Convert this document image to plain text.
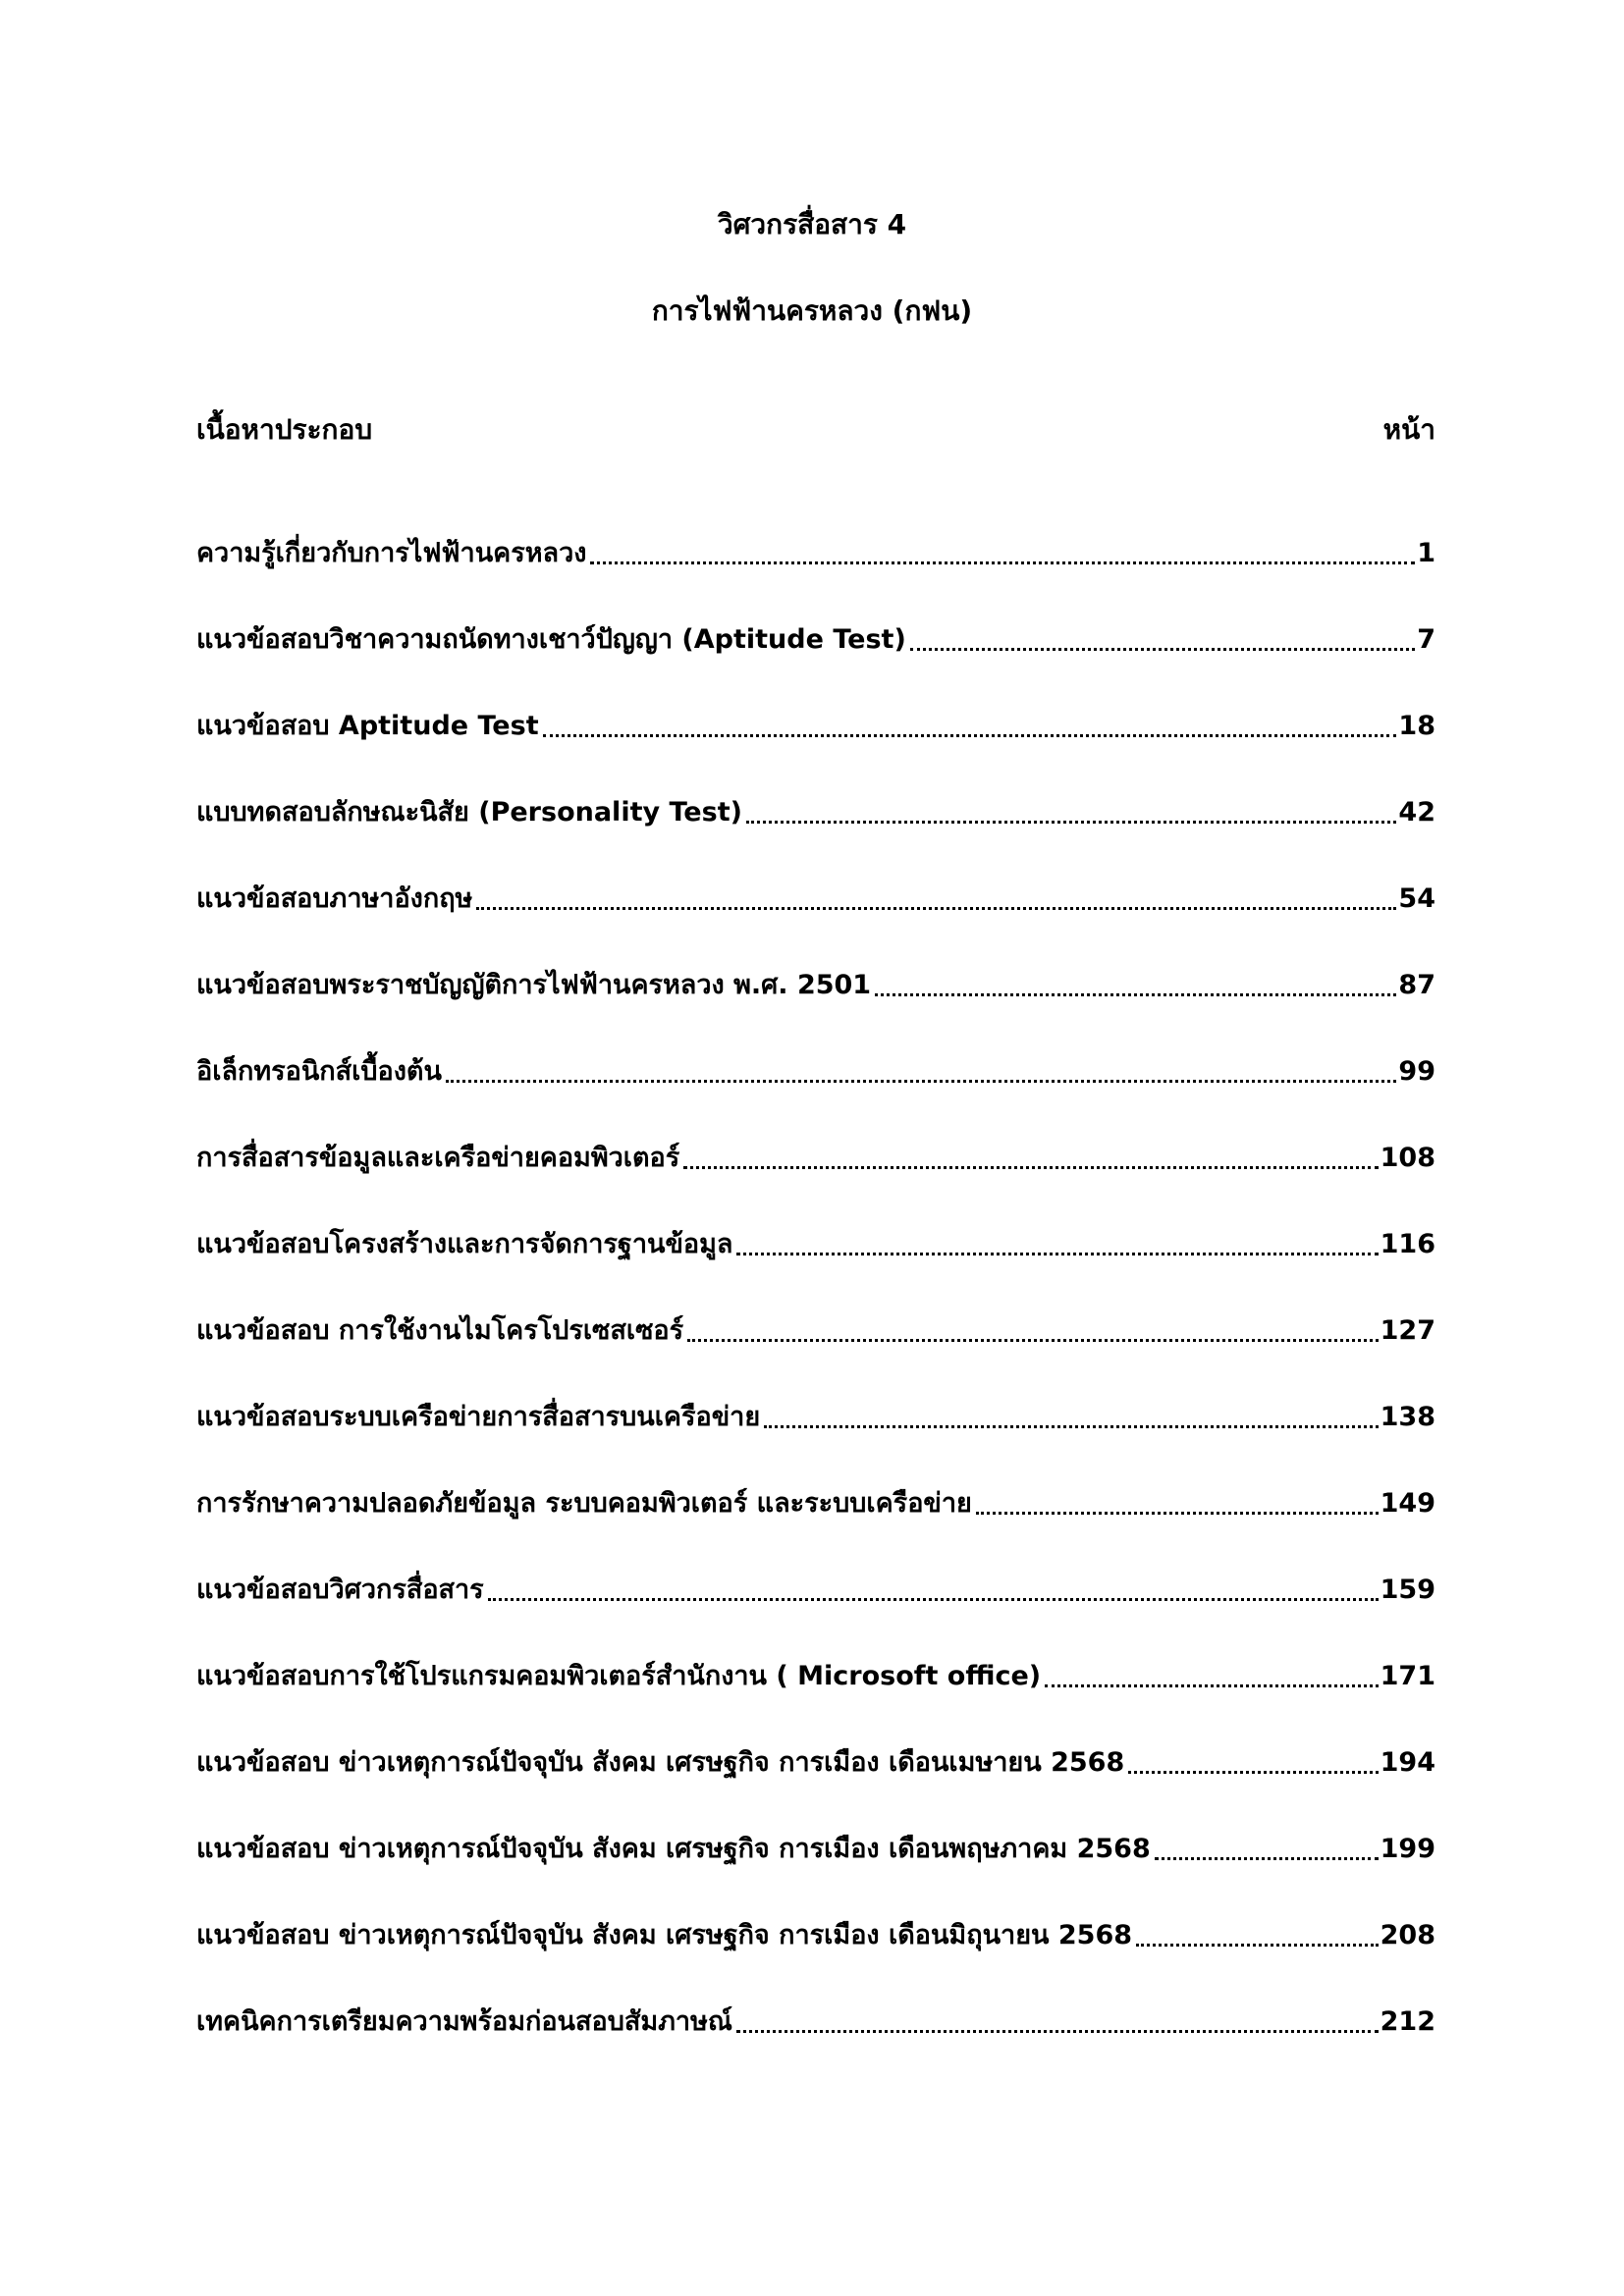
วิศวกรสื่อสาร 4
การไฟฟ้านครหลวง (กฟน)
เนื้อหาประกอบ	หน้า
ความรู้เกี่ยวกับการไฟฟ้านครหลวง	1
แนวข้อสอบวิชาความถนัดทางเชาว์ปัญญา (Aptitude Test)	7
แนวข้อสอบ Aptitude Test	18
แบบทดสอบลักษณะนิสัย (Personality Test)	42
แนวข้อสอบภาษาอังกฤษ	54
แนวข้อสอบพระราชบัญญัติการไฟฟ้านครหลวง พ.ศ. 2501	87
อิเล็กทรอนิกส์เบื้องต้น	99
การสื่อสารข้อมูลและเครือข่ายคอมพิวเตอร์	108
แนวข้อสอบโครงสร้างและการจัดการฐานข้อมูล	116
แนวข้อสอบ การใช้งานไมโครโปรเซสเซอร์	127
แนวข้อสอบระบบเครือข่ายการสื่อสารบนเครือข่าย	138
การรักษาความปลอดภัยข้อมูล ระบบคอมพิวเตอร์ และระบบเครือข่าย	149
แนวข้อสอบวิศวกรสื่อสาร	159
แนวข้อสอบการใช้โปรแกรมคอมพิวเตอร์สำนักงาน ( Microsoft office)	171
แนวข้อสอบ ข่าวเหตุการณ์ปัจจุบัน สังคม เศรษฐกิจ การเมือง เดือนเมษายน 2568	194
แนวข้อสอบ ข่าวเหตุการณ์ปัจจุบัน สังคม เศรษฐกิจ การเมือง เดือนพฤษภาคม 2568	199
แนวข้อสอบ ข่าวเหตุการณ์ปัจจุบัน สังคม เศรษฐกิจ การเมือง เดือนมิถุนายน 2568	208
เทคนิคการเตรียมความพร้อมก่อนสอบสัมภาษณ์	212
